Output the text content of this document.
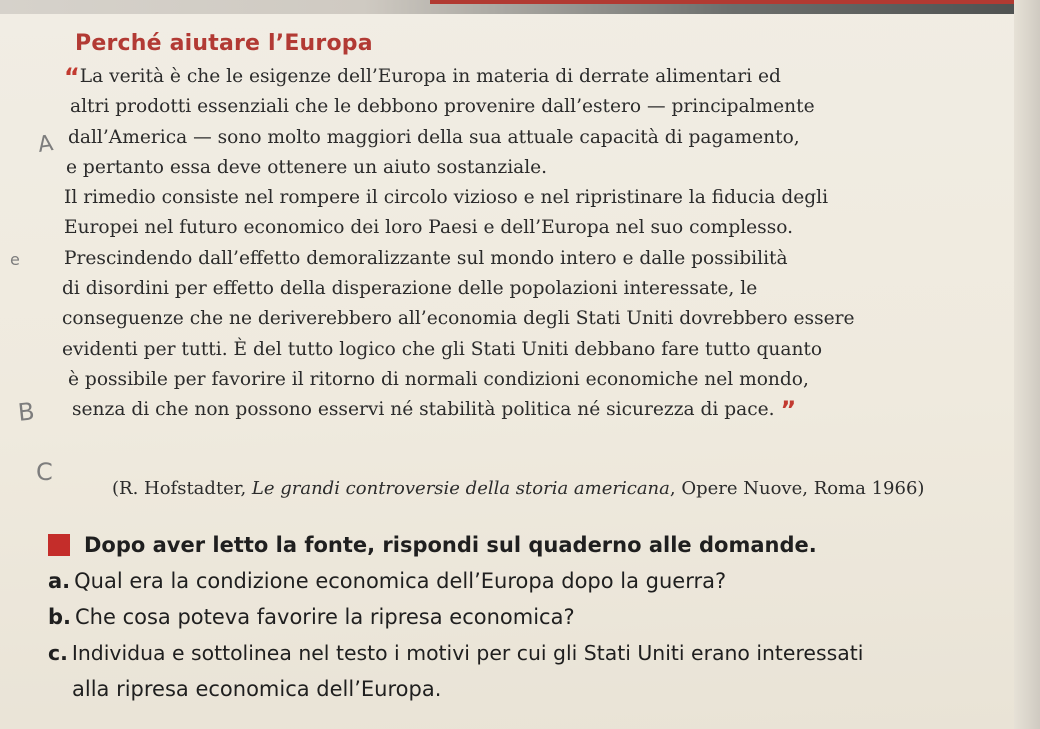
Perché aiutare l’Europa
“La verità è che le esigenze dell’Europa in materia di derrate alimentari ed
altri prodotti essenziali che le debbono provenire dall’estero — principalmente
dall’America — sono molto maggiori della sua attuale capacità di pagamento,
e pertanto essa deve ottenere un aiuto sostanziale.
Il rimedio consiste nel rompere il circolo vizioso e nel ripristinare la fiducia degli
Europei nel futuro economico dei loro Paesi e dell’Europa nel suo complesso.
Prescindendo dall’effetto demoralizzante sul mondo intero e dalle possibilità
di disordini per effetto della disperazione delle popolazioni interessate, le
conseguenze che ne deriverebbero all’economia degli Stati Uniti dovrebbero essere
evidenti per tutti. È del tutto logico che gli Stati Uniti debbano fare tutto quanto
è possibile per favorire il ritorno di normali condizioni economiche nel mondo,
senza di che non possono esservi né stabilità politica né sicurezza di pace. ”
A
e
B
C
(R. Hofstadter, Le grandi controversie della storia americana, Opere Nuove, Roma 1966)
Dopo aver letto la fonte, rispondi sul quaderno alle domande.
a. Qual era la condizione economica dell’Europa dopo la guerra?
b. Che cosa poteva favorire la ripresa economica?
c. Individua e sottolinea nel testo i motivi per cui gli Stati Uniti erano interessati
alla ripresa economica dell’Europa.
